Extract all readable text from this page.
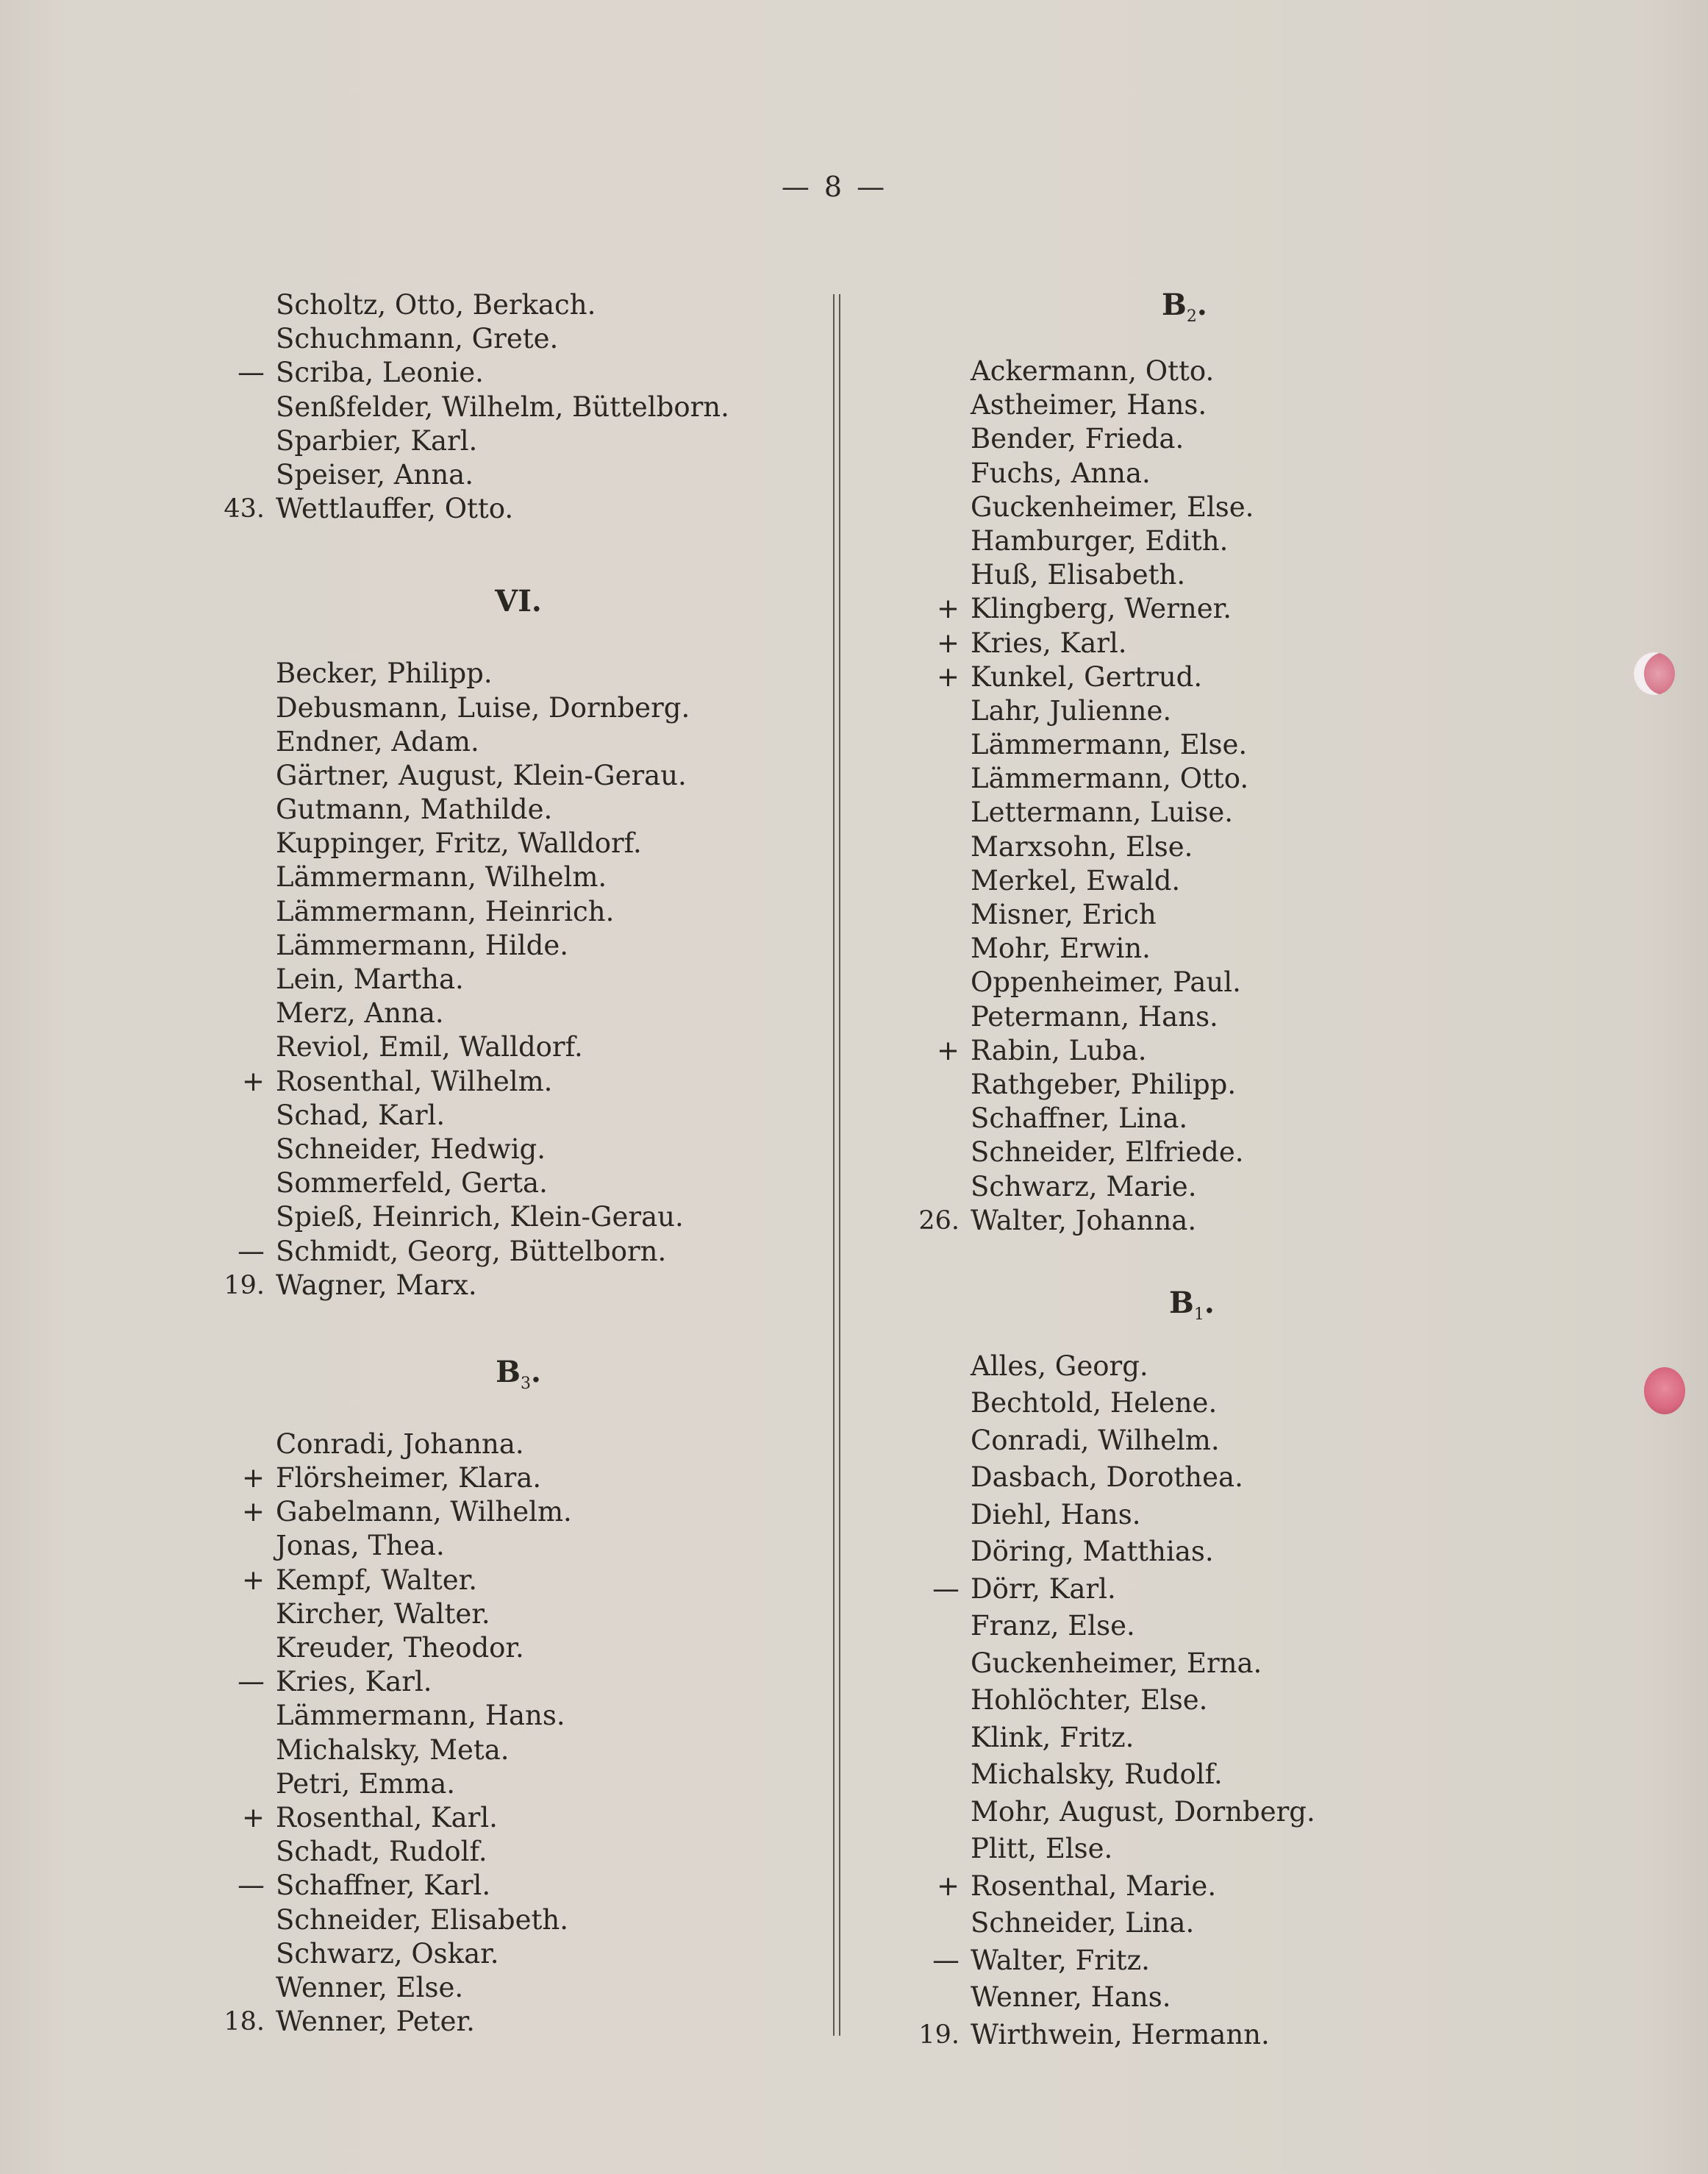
— 8 —
Scholtz, Otto, Berkach.
Schuchmann, Grete.
— Scriba, Leonie.
Senßfelder, Wilhelm, Büttelborn.
Sparbier, Karl.
Speiser, Anna.
43. Wettlauffer, Otto.
VI.
Becker, Philipp.
Debusmann, Luise, Dornberg.
Endner, Adam.
Gärtner, August, Klein-Gerau.
Gutmann, Mathilde.
Kuppinger, Fritz, Walldorf.
Lämmermann, Wilhelm.
Lämmermann, Heinrich.
Lämmermann, Hilde.
Lein, Martha.
Merz, Anna.
Reviol, Emil, Walldorf.
+ Rosenthal, Wilhelm.
Schad, Karl.
Schneider, Hedwig.
Sommerfeld, Gerta.
Spieß, Heinrich, Klein-Gerau.
— Schmidt, Georg, Büttelborn.
19. Wagner, Marx.
$B_3$.
Conradi, Johanna.
+ Flörsheimer, Klara.
+ Gabelmann, Wilhelm.
Jonas, Thea.
+ Kempf, Walter.
Kircher, Walter.
Kreuder, Theodor.
— Kries, Karl.
Lämmermann, Hans.
Michalsky, Meta.
Petri, Emma.
+ Rosenthal, Karl.
Schadt, Rudolf.
— Schaffner, Karl.
Schneider, Elisabeth.
Schwarz, Oskar.
Wenner, Else.
18. Wenner, Peter.
$B_2$.
Ackermann, Otto.
Astheimer, Hans.
Bender, Frieda.
Fuchs, Anna.
Guckenheimer, Else.
Hamburger, Edith.
Huß, Elisabeth.
+ Klingberg, Werner.
+ Kries, Karl.
+ Kunkel, Gertrud.
Lahr, Julienne.
Lämmermann, Else.
Lämmermann, Otto.
Lettermann, Luise.
Marxsohn, Else.
Merkel, Ewald.
Misner, Erich
Mohr, Erwin.
Oppenheimer, Paul.
Petermann, Hans.
+ Rabin, Luba.
Rathgeber, Philipp.
Schaffner, Lina.
Schneider, Elfriede.
Schwarz, Marie.
26. Walter, Johanna.
$B_1$.
Alles, Georg.
Bechtold, Helene.
Conradi, Wilhelm.
Dasbach, Dorothea.
Diehl, Hans.
Döring, Matthias.
— Dörr, Karl.
Franz, Else.
Guckenheimer, Erna.
Hohlöchter, Else.
Klink, Fritz.
Michalsky, Rudolf.
Mohr, August, Dornberg.
Plitt, Else.
+ Rosenthal, Marie.
Schneider, Lina.
— Walter, Fritz.
Wenner, Hans.
19. Wirthwein, Hermann.
